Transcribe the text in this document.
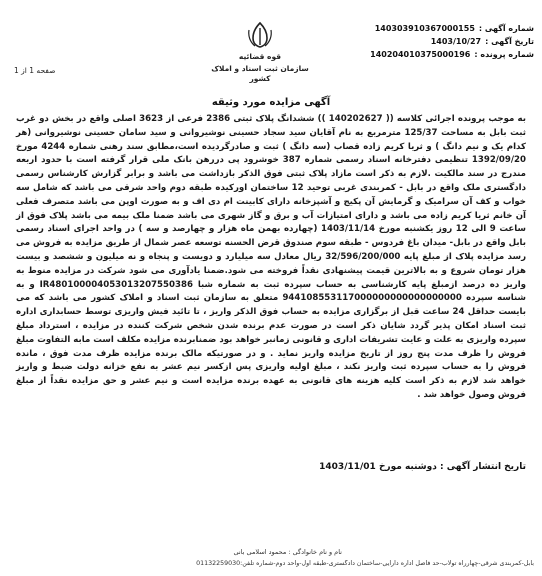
شماره آگهی :
140303910367000155
تاریخ آگهی :
1403/10/27
شماره پرونده :
140204010375000196
قوه قضائیه
سازمان ثبت اسناد و املاک کشور
صفحه 1 از 1
آگهی مزایده مورد وثیقه
به موجب پرونده اجرائی کلاسه (( 140202627 )) ششدانگ پلاک ثبتی 2386 فرعی از 3623 اصلی واقع در بخش دو غرب ثبت بابل به مساحت 125/37 مترمربع به نام آقایان سید سجاد حسینی نوشیروانی و سید سامان حسینی نوشیروانی (هر کدام یک و نیم دانگ ) و ثریا کریم زاده قصاب (سه دانگ ) ثبت و صادرگردیده است،مطابق سند رهنی شماره 4244 مورخ 1392/09/20 تنظیمی دفترخانه اسناد رسمی شماره 387 خوشرود پی دررهن بانک ملی قرار گرفته است با حدود اربعه مندرج در سند مالکیت .لازم به ذکر است مازاد پلاک ثبتی فوق الذکر بازداشت می باشد و برابر گزارش کارشناس رسمی دادگستری ملک واقع در بابل - کمربندی غربی توحید 12 ساختمان اورکیده طبقه دوم واحد شرقی می باشد که شامل سه خواب و کف آن سرامیک و گرمایش آن پکیج و آشپزخانه دارای کابینت ام دی اف و به صورت اوپن می باشد متصرف فعلی آن خانم ثریا کریم زاده می باشد و دارای امتیازات آب و برق و گاز شهری می باشد ضمنا ملک بیمه می باشد پلاک فوق از ساعت 9 الی 12 روز یکشنبه مورخ 1403/11/14 (چهارده بهمن ماه هزار و چهارصد و سه ) در واحد اجرای اسناد رسمی بابل واقع در بابل- میدان باغ فردوس - طبقه سوم صندوق قرض الحسنه توسعه عصر شمال از طریق مزایده به فروش می رسد مزایده پلاک از مبلغ پایه 32/596/200/000 ریال معادل سه میلیارد و دویست و پنجاه و نه میلیون و ششصد و بیست هزار تومان شروع و به بالاترین قیمت پیشنهادی نقداً فروخته می شود.ضمنا یادآوری می شود شرکت در مزایده منوط به واریز ده درصد ازمبلغ پایه کارشناسی به حساب سپرده ثبت به شماره شبا IR480100004053013207550386 و به شناسه سپرده 944108553117000000000000000000 متعلق به سازمان ثبت اسناد و املاک کشور می باشد که می بایست حداقل 24 ساعت قبل از برگزاری مزایده به حساب فوق الذکر واریز ، تا تائید فیش واریزی توسط حسابداری اداره ثبت اسناد امکان پذیر گردد شایان ذکر است در صورت عدم برنده شدن شخص شرکت کننده در مزایده ، استرداد مبلغ سپرده واریزی به علت و عایت تشریفات اداری و قانونی زمانبر خواهد بود ضمنابرنده مزایده مکلف است مابه التفاوت مبلغ فروش را ظرف مدت پنج روز از تاریخ مزایده واریز نماید . و در صورتیکه مالک برنده مزایده ظرف مدت فوق ، مانده فروش را به حساب سپرده ثبت واریز نکند ، مبلغ اولیه واریزی پس ازکسر نیم عشر به نفع خزانه دولت ضبط و واریز خواهد شد لازم به ذکر است کلیه هزینه های قانونی به عهده برنده مزایده است و نیم عشر و حق مزایده نقداً از مبلغ فروش وصول خواهد شد .
تاریخ انتشار آگهی : دوشنبه مورخ 1403/11/01
نام و نام خانوادگی : محمود اسلامی بانی
بابل-کمربندی شرقی-چهارراه تولاب-حد فاصل اداره دارایی-ساختمان دادگستری-طبقه اول-واحد دوم-شماره تلفن:01132259030
